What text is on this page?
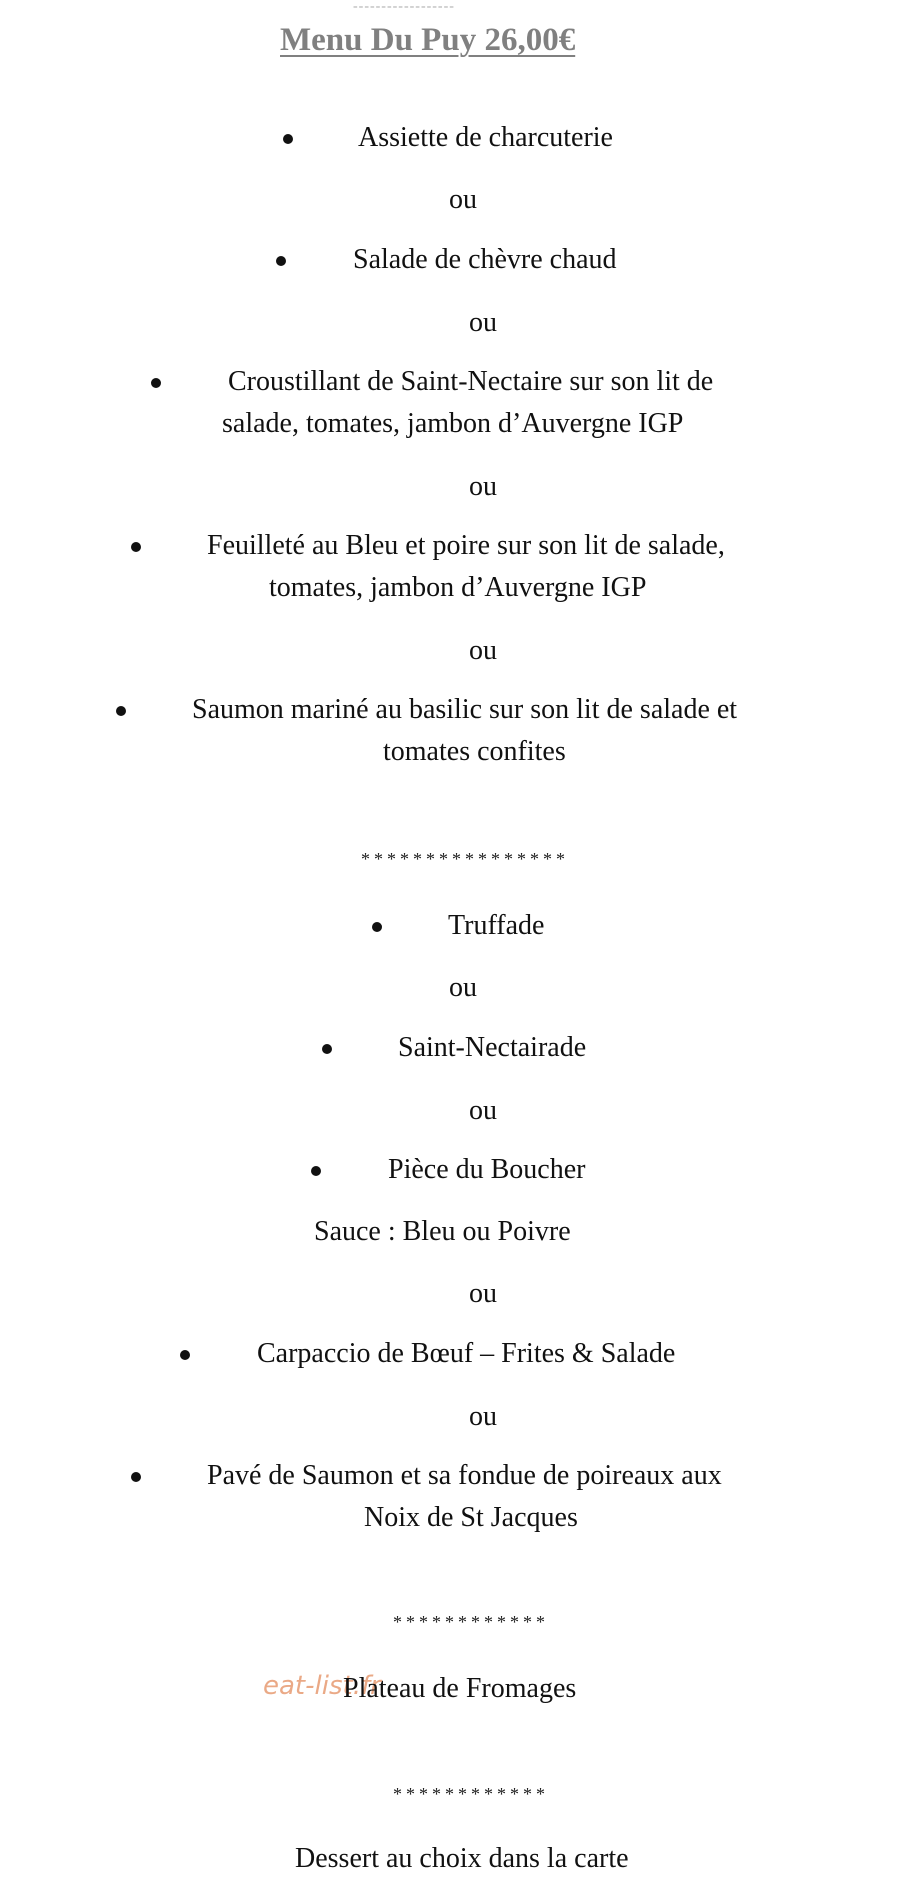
------------------
Menu Du Puy 26,00€
Assiette de charcuterie
ou
Salade de chèvre chaud
ou
Croustillant de Saint-Nectaire sur son lit de
salade, tomates, jambon d’Auvergne IGP
ou
Feuilleté au Bleu et poire sur son lit de salade,
tomates, jambon d’Auvergne IGP
ou
Saumon mariné au basilic sur son lit de salade et
tomates confites
****************
Truffade
ou
Saint-Nectairade
ou
Pièce du Boucher
Sauce : Bleu ou Poivre
ou
Carpaccio de Bœuf – Frites & Salade
ou
Pavé de Saumon et sa fondue de poireaux aux
Noix de St Jacques
************
eat-list.fr
Plateau de Fromages
************
Dessert au choix dans la carte
